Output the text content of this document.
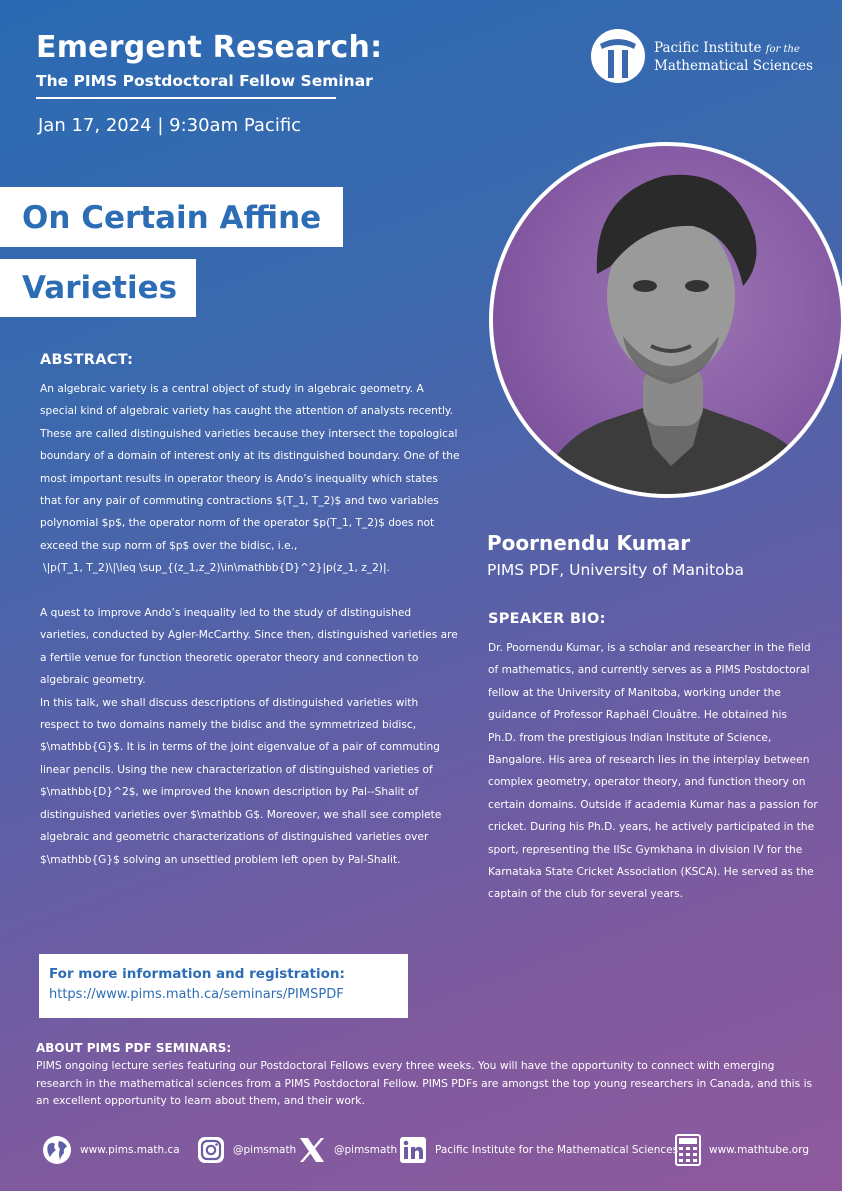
Emergent Research:
The PIMS Postdoctoral Fellow Seminar
Jan 17, 2024 | 9:30am Pacific
Pacific Institute for the
Mathematical Sciences
On Certain Affine
Varieties
Poornendu Kumar
PIMS PDF, University of Manitoba
ABSTRACT:

An algebraic variety is a central object of study in algebraic geometry. A special kind of algebraic variety has caught the attention of analysts recently. These are called distinguished varieties because they intersect the topological boundary of a domain of interest only at its distinguished boundary. One of the most important results in operator theory is Ando’s inequality which states that for any pair of commuting contractions $(T_1, T_2)$ and two variables polynomial $p$, the operator norm of the operator $p(T_1, T_2)$ does not exceed the sup norm of $p$ over the bidisc, i.e.,

\|p(T_1, T_2)\|\leq \sup_{(z_1,z_2)\in\mathbb{D}^2}|p(z_1, z_2)|.

A quest to improve Ando’s inequality led to the study of distinguished varieties, conducted by Agler-McCarthy. Since then, distinguished varieties are a fertile venue for function theoretic operator theory and connection to algebraic geometry.

In this talk, we shall discuss descriptions of distinguished varieties with respect to two domains namely the bidisc and the symmetrized bidisc, $\mathbb{G}$. It is in terms of the joint eigenvalue of a pair of commuting linear pencils. Using the new characterization of distinguished varieties of $\mathbb{D}^2$, we improved the known description by Pal--Shalit of distinguished varieties over $\mathbb G$. Moreover, we shall see complete algebraic and geometric characterizations of distinguished varieties over $\mathbb{G}$ solving an unsettled problem left open by Pal-Shalit.

SPEAKER BIO:
Dr. Poornendu Kumar, is a scholar and researcher in the field of mathematics, and currently serves as a PIMS Postdoctoral fellow at the University of Manitoba, working under the guidance of Professor Raphaël Clouâtre. He obtained his Ph.D. from the prestigious Indian Institute of Science, Bangalore. His area of research lies in the interplay between complex geometry, operator theory, and function theory on certain domains. Outside if academia Kumar has a passion for cricket. During his Ph.D. years, he actively participated in the sport, representing the IISc Gymkhana in division IV for the Karnataka State Cricket Association (KSCA). He served as the captain of the club for several years.
For more information and registration:
https://www.pims.math.ca/seminars/PIMSPDF
ABOUT PIMS PDF SEMINARS:
PIMS ongoing lecture series featuring our Postdoctoral Fellows every three weeks. You will have the opportunity to connect with emerging research in the mathematical sciences from a PIMS Postdoctoral Fellow. PIMS PDFs are amongst the top young researchers in Canada, and this is an excellent opportunity to learn about them, and their work.
www.pims.math.ca	@pimsmath	@pimsmath	Pacific Institute for the Mathematical Sciences	www.mathtube.org
